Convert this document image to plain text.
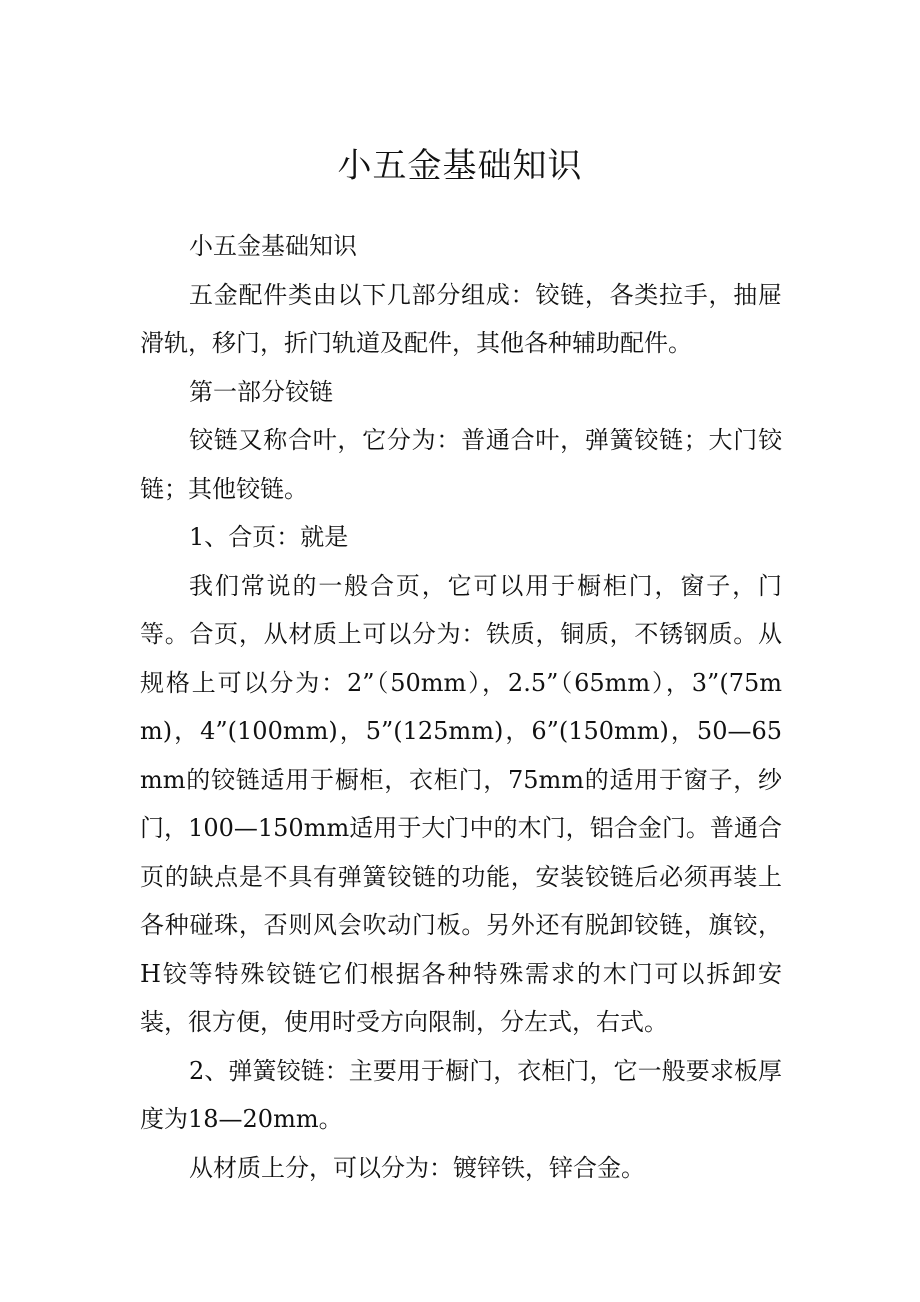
小五金基础知识

小五金基础知识

五金配件类由以下几部分组成：铰链，各类拉手，抽屉滑轨，移门，折门轨道及配件，其他各种辅助配件。

第一部分铰链

铰链又称合叶，它分为：普通合叶，弹簧铰链；大门铰链；其他铰链。

1、合页：就是

我们常说的一般合页，它可以用于橱柜门，窗子，门等。合页，从材质上可以分为：铁质，铜质，不锈钢质。从规格上可以分为：2”（50mm），2.5”（65mm），3”(75mm)，4”(100mm)，5”(125mm)，6”(150mm)，50—65mm的铰链适用于橱柜，衣柜门，75mm的适用于窗子，纱门，100—150mm适用于大门中的木门，铝合金门。普通合页的缺点是不具有弹簧铰链的功能，安装铰链后必须再装上各种碰珠，否则风会吹动门板。另外还有脱卸铰链，旗铰，H铰等特殊铰链它们根据各种特殊需求的木门可以拆卸安装，很方便，使用时受方向限制，分左式，右式。

2、弹簧铰链：主要用于橱门，衣柜门，它一般要求板厚度为18—20mm。

从材质上分，可以分为：镀锌铁，锌合金。
